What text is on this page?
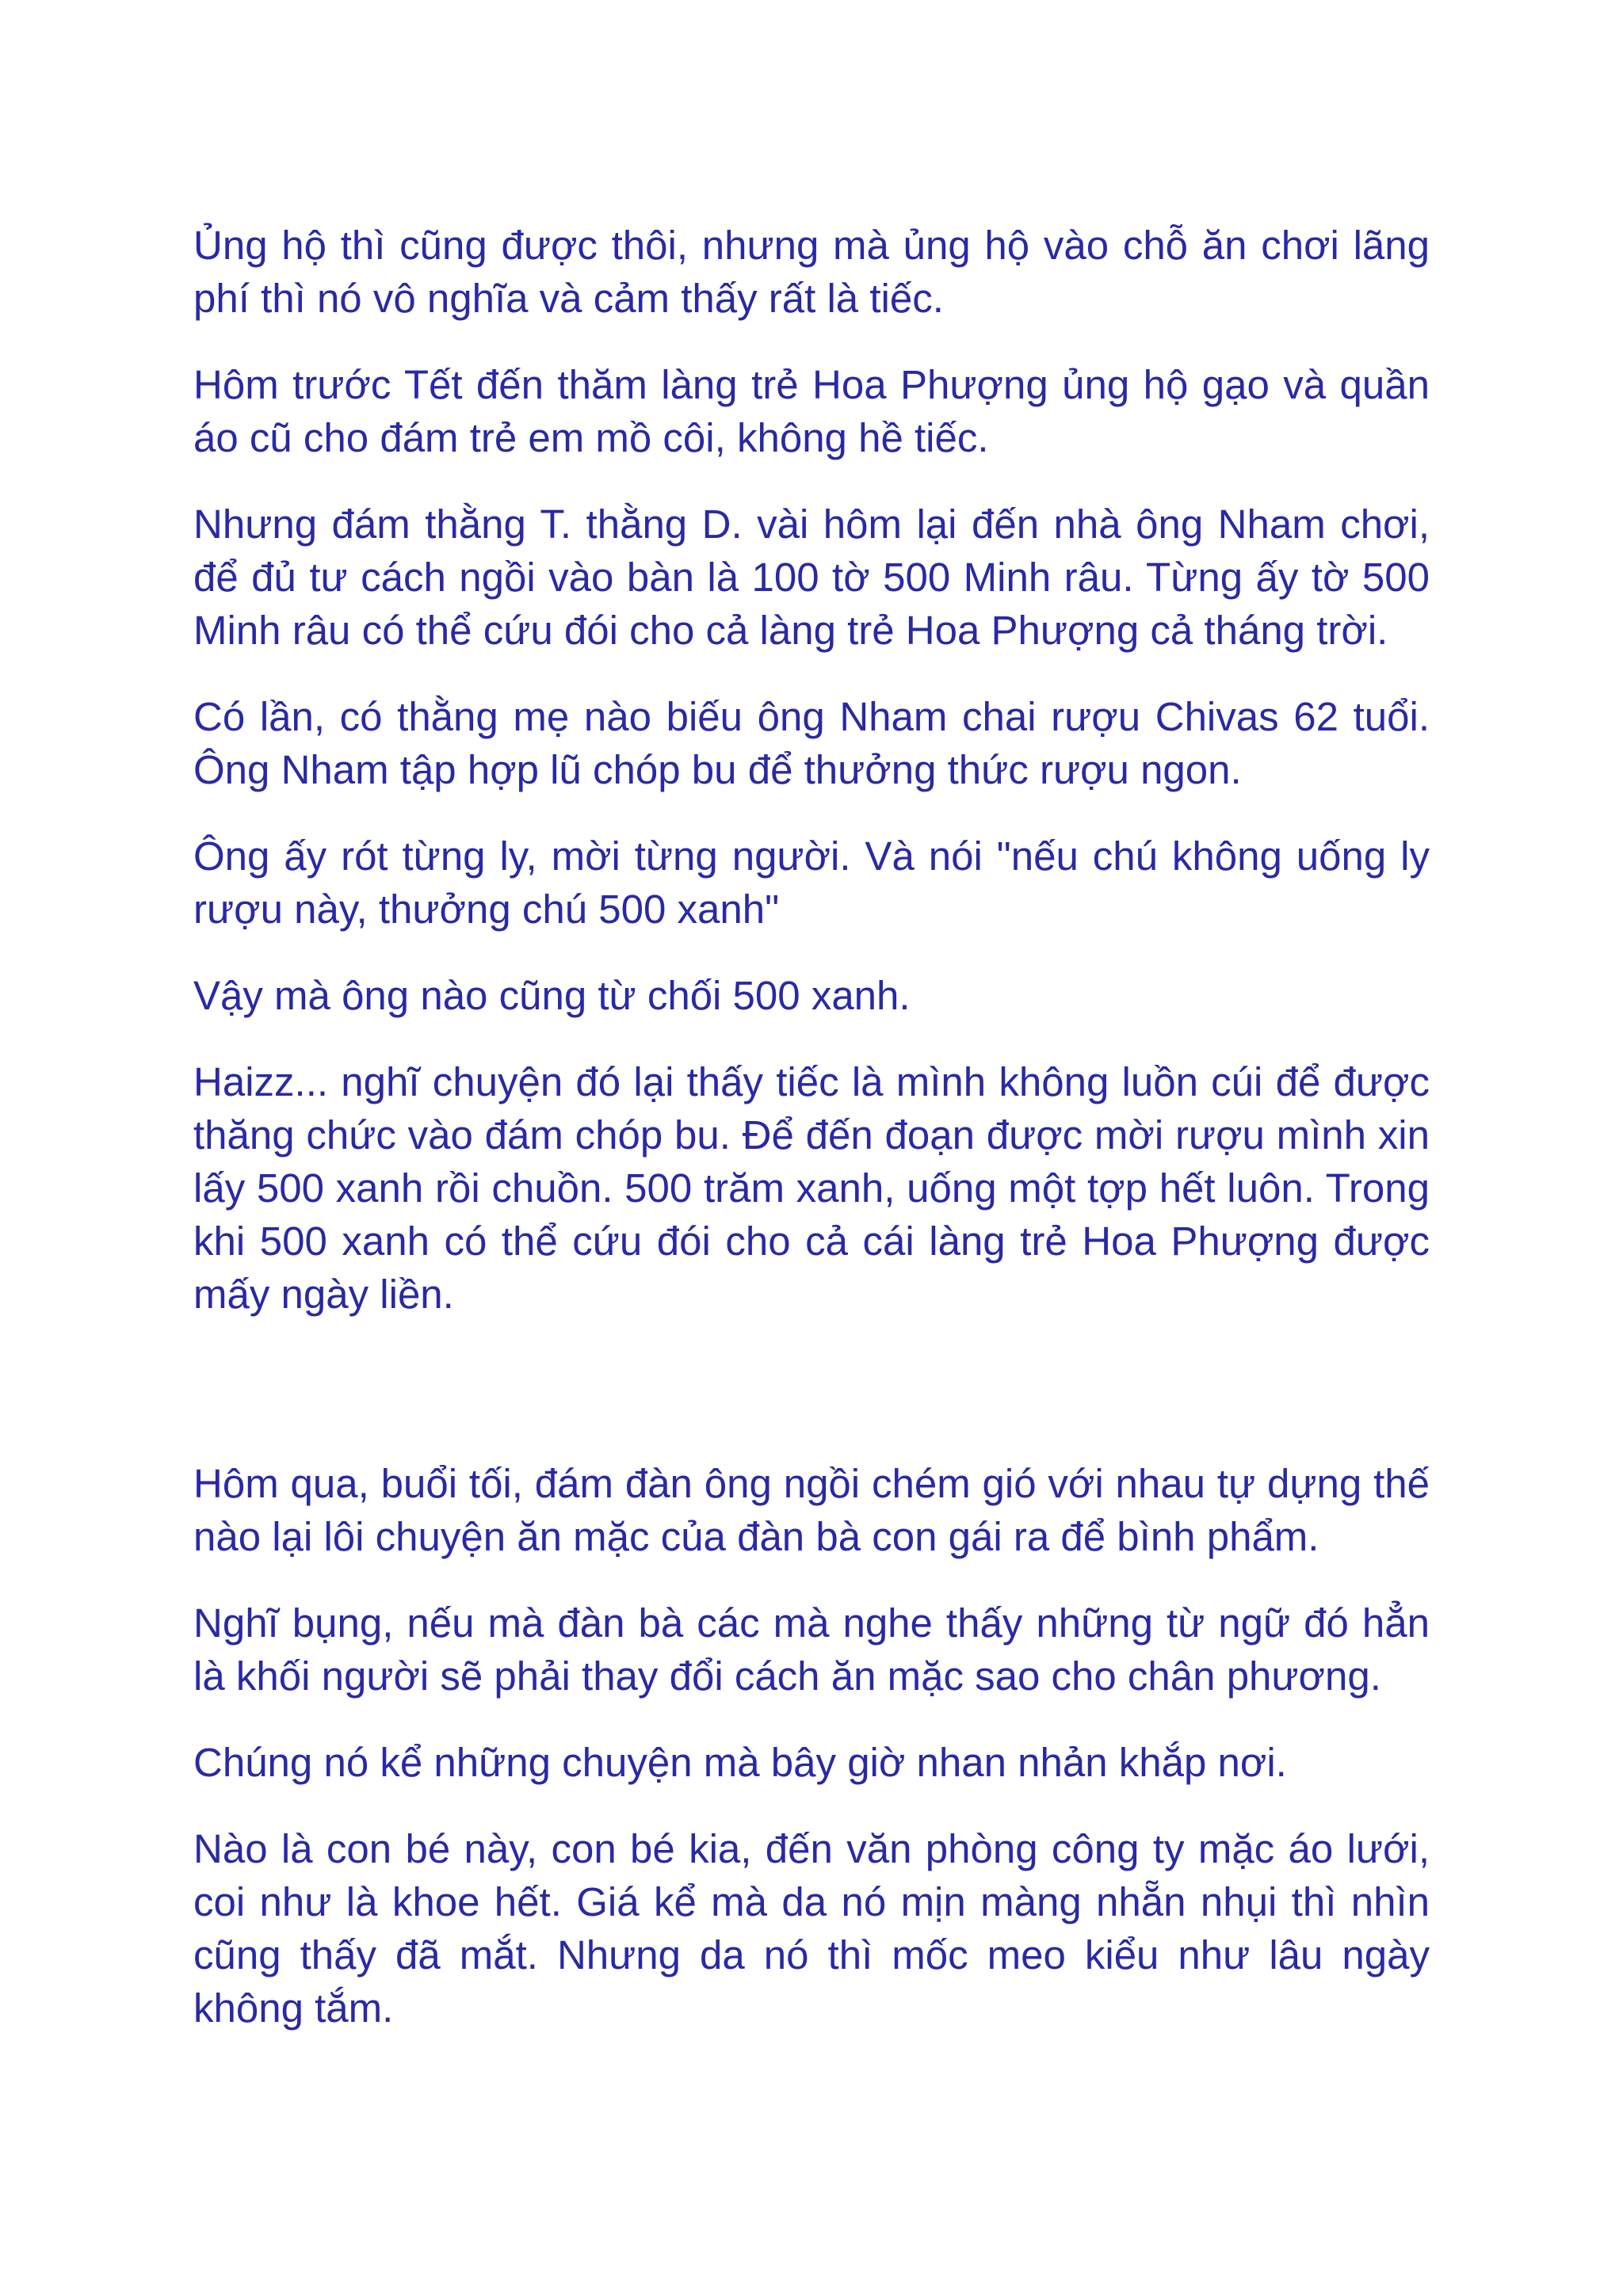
Ủng hộ thì cũng được thôi, nhưng mà ủng hộ vào chỗ ăn chơi lãng phí thì nó vô nghĩa và cảm thấy rất là tiếc.

Hôm trước Tết đến thăm làng trẻ Hoa Phượng ủng hộ gạo và quần áo cũ cho đám trẻ em mồ côi, không hề tiếc.

Nhưng đám thằng T. thằng D. vài hôm lại đến nhà ông Nham chơi, để đủ tư cách ngồi vào bàn là 100 tờ 500 Minh râu. Từng ấy tờ 500 Minh râu có thể cứu đói cho cả làng trẻ Hoa Phượng cả tháng trời.

Có lần, có thằng mẹ nào biếu ông Nham chai rượu Chivas 62 tuổi. Ông Nham tập hợp lũ chóp bu để thưởng thức rượu ngon.

Ông ấy rót từng ly, mời từng người. Và nói "nếu chú không uống ly rượu này, thưởng chú 500 xanh"

Vậy mà ông nào cũng từ chối 500 xanh.

Haizz... nghĩ chuyện đó lại thấy tiếc là mình không luồn cúi để được thăng chức vào đám chóp bu. Để đến đoạn được mời rượu mình xin lấy 500 xanh rồi chuồn. 500 trăm xanh, uống một tợp hết luôn. Trong khi 500 xanh có thể cứu đói cho cả cái làng trẻ Hoa Phượng được mấy ngày liền.

Hôm qua, buổi tối, đám đàn ông ngồi chém gió với nhau tự dựng thế nào lại lôi chuyện ăn mặc của đàn bà con gái ra để bình phẩm.

Nghĩ bụng, nếu mà đàn bà các mà nghe thấy những từ ngữ đó hẳn là khối người sẽ phải thay đổi cách ăn mặc sao cho chân phương.

Chúng nó kể những chuyện mà bây giờ nhan nhản khắp nơi.

Nào là con bé này, con bé kia, đến văn phòng công ty mặc áo lưới, coi như là khoe hết. Giá kể mà da nó mịn màng nhẵn nhụi thì nhìn cũng thấy đã mắt. Nhưng da nó thì mốc meo kiểu như lâu ngày không tắm.
